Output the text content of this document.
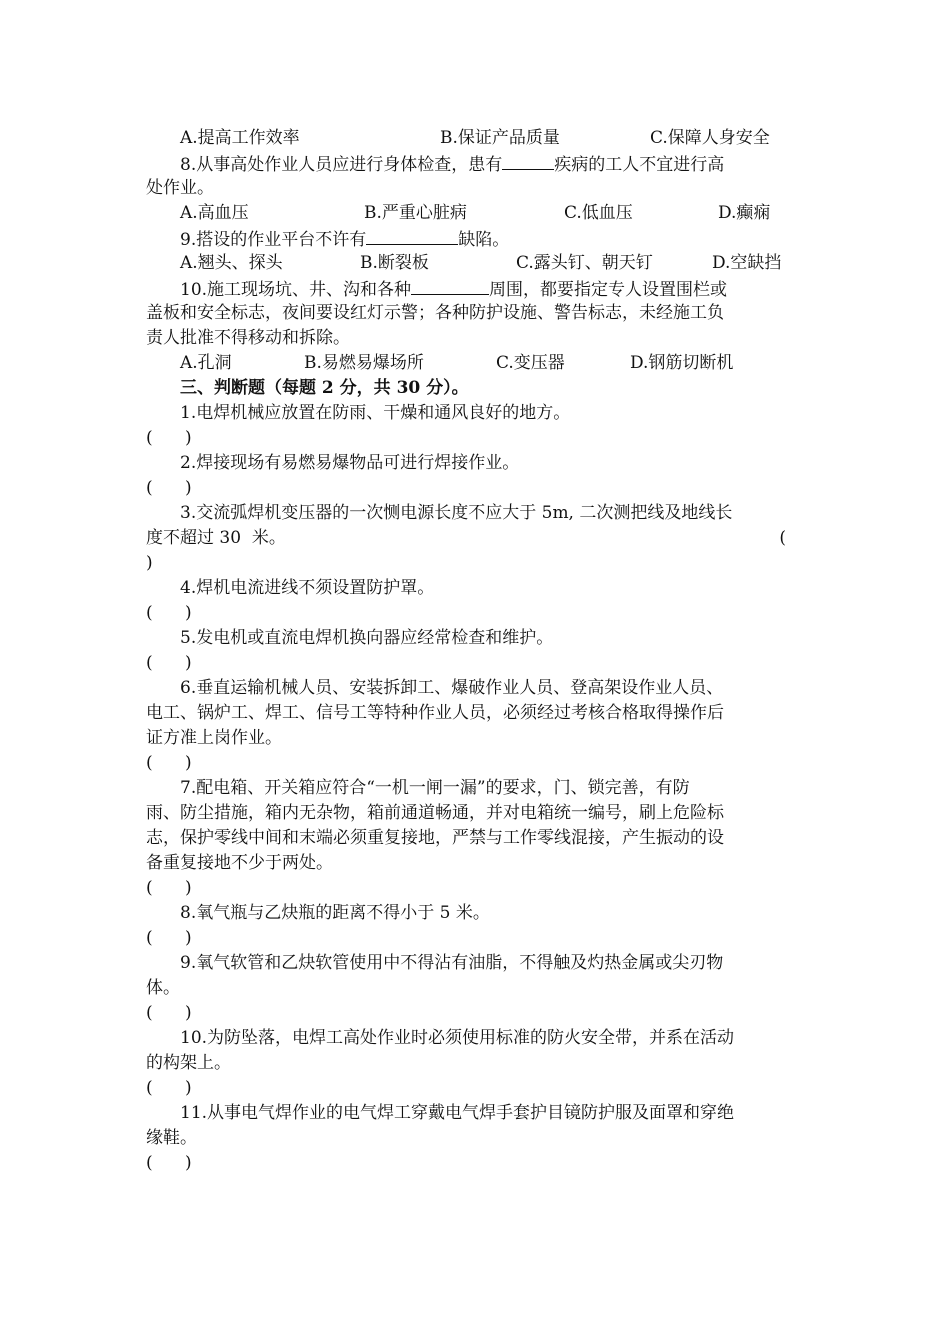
A.提高工作效率

	B.保证产品质量

	C.保障人身安全

8.从事高处作业人员应进行身体检查，患有	疾病的工人不宜进行高
处作业。

A.高血压

	B.严重心脏病

	C.低血压

	D.癫痫

9.搭设的作业平台不许有	缺陷。

A.翘头、探头

	B.断裂板

	C.露头钉、朝天钉

	D.空缺挡

10.施工现场坑、井、沟和各种	周围，都要指定专人设置围栏或
盖板和安全标志，夜间要设红灯示警；各种防护设施、警告标志，未经施工负
责人批准不得移动和拆除。

A.孔洞

	B.易燃易爆场所

	C.变压器

	D.钢筋切断机

三、判断题（每题 2 分，共 30 分）。
1.电焊机械应放置在防雨、干燥和通风良好的地方。
(      )
2.焊接现场有易燃易爆物品可进行焊接作业。
(      )
3.交流弧焊机变压器的一次恻电源长度不应大于 5m, 二次测把线及地线长
度不超过 30  米。	(
)
4.焊机电流进线不须设置防护罩。
(      )
5.发电机或直流电焊机换向器应经常检查和维护。
(      )
6.垂直运输机械人员、安装拆卸工、爆破作业人员、登高架设作业人员、
电工、锅炉工、焊工、信号工等特种作业人员，必须经过考核合格取得操作后
证方准上岗作业。
(      )
7.配电箱、开关箱应符合“一机一闸一漏”的要求，门、锁完善，有防
雨、防尘措施，箱内无杂物，箱前通道畅通，并对电箱统一编号，刷上危险标
志，保护零线中间和末端必须重复接地，严禁与工作零线混接，产生振动的设
备重复接地不少于两处。
(      )
8.氧气瓶与乙炔瓶的距离不得小于 5 米。
(      )
9.氧气软管和乙炔软管使用中不得沾有油脂，不得触及灼热金属或尖刃物
体。
(      )
10.为防坠落，电焊工高处作业时必须使用标准的防火安全带，并系在活动
的构架上。
(      )
11.从事电气焊作业的电气焊工穿戴电气焊手套护目镜防护服及面罩和穿绝
缘鞋。
(      )
